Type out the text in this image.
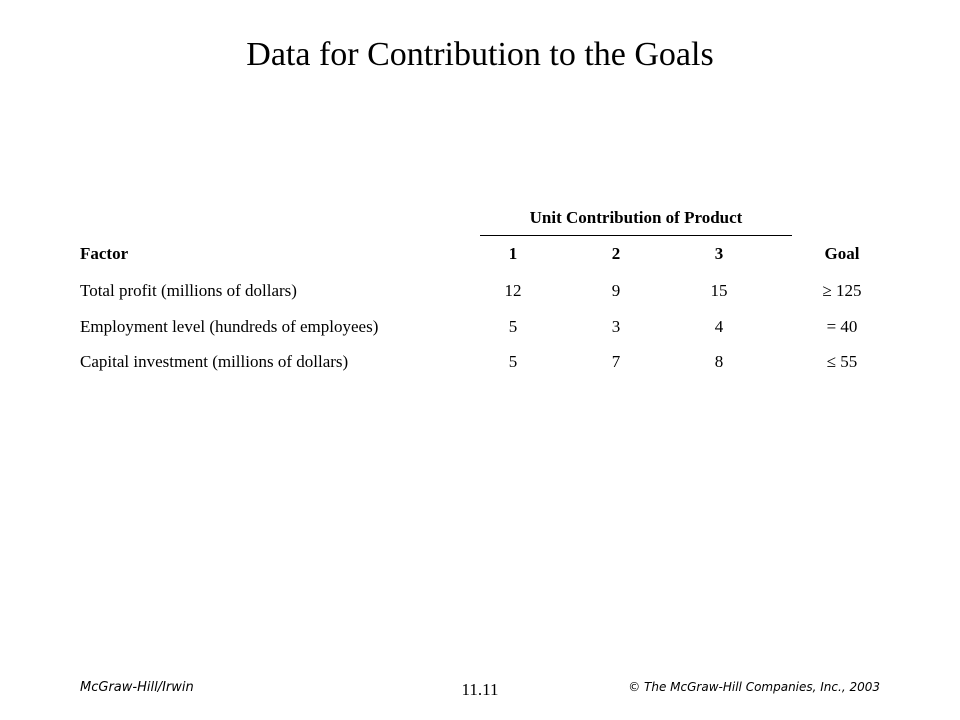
Data for Contribution to the Goals
Unit Contribution of Product
Factor	1	2	3	Goal
Total profit (millions of dollars)	12	9	15	≥ 125
Employment level (hundreds of employees)	5	3	4	= 40
Capital investment (millions of dollars)	5	7	8	≤ 55
McGraw-Hill/Irwin	11.11	© The McGraw-Hill Companies, Inc., 2003
